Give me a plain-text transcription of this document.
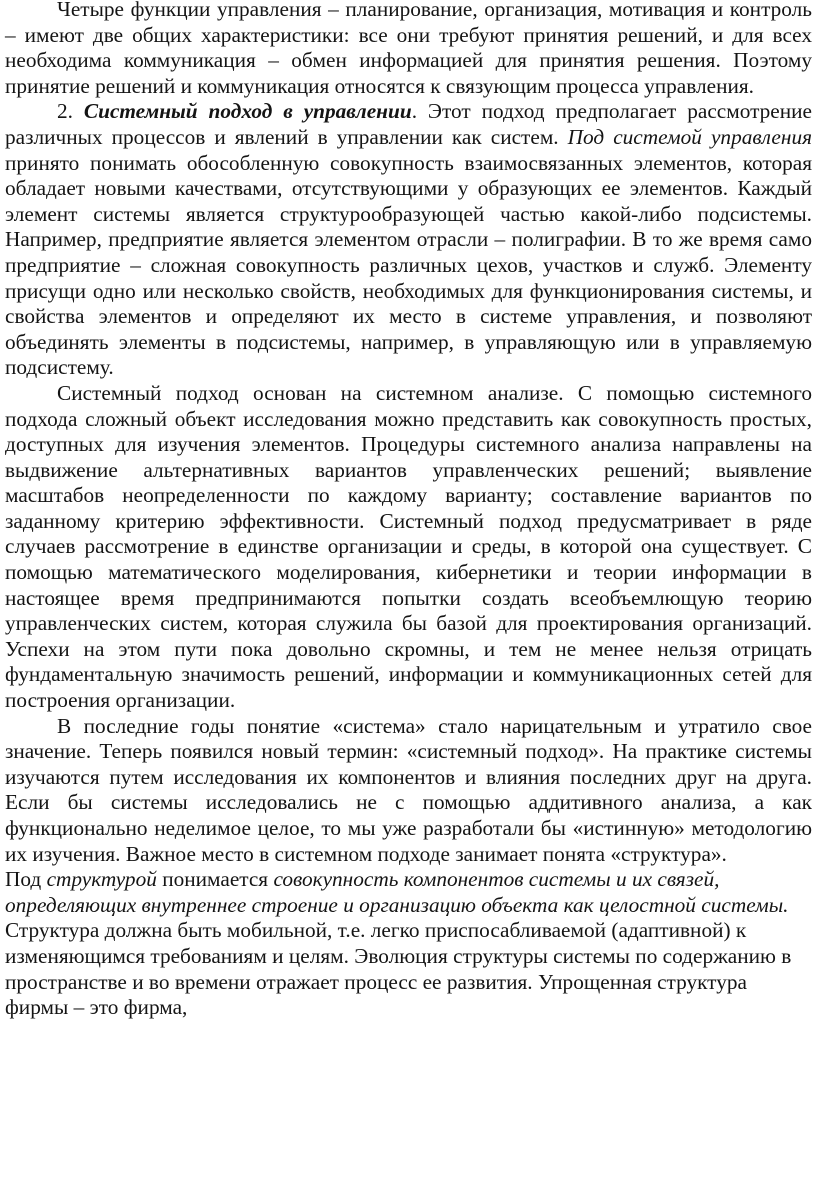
Четыре функции управления – планирование, организация, мотивация и контроль – имеют две общих характеристики: все они требуют принятия решений, и для всех необходима коммуникация – обмен информацией для принятия решения. Поэтому принятие решений и коммуникация относятся к связующим процесса управления.

2. Системный подход в управлении. Этот подход предполагает рассмотрение различных процессов и явлений в управлении как систем. Под системой управления принято понимать обособленную совокупность взаимосвязанных элементов, которая обладает новыми качествами, отсутствующими у образующих ее элементов. Каждый элемент системы является структурообразующей частью какой-либо подсистемы. Например, предприятие является элементом отрасли – полиграфии. В то же время само предприятие – сложная совокупность различных цехов, участков и служб. Элементу присущи одно или несколько свойств, необходимых для функционирования системы, и свойства элементов и определяют их место в системе управления, и позволяют объединять элементы в подсистемы, например, в управляющую или в управляемую подсистему.

Системный подход основан на системном анализе. С помощью системного подхода сложный объект исследования можно представить как совокупность простых, доступных для изучения элементов. Процедуры системного анализа направлены на выдвижение альтернативных вариантов управленческих решений; выявление масштабов неопределенности по каждому варианту; составление вариантов по заданному критерию эффективности. Системный подход предусматривает в ряде случаев рассмотрение в единстве организации и среды, в которой она существует. С помощью математического моделирования, кибернетики и теории информации в настоящее время предпринимаются попытки создать всеобъемлющую теорию управленческих систем, которая служила бы базой для проектирования организаций. Успехи на этом пути пока довольно скромны, и тем не менее нельзя отрицать фундаментальную значимость решений, информации и коммуникационных сетей для построения организации.

В последние годы понятие «система» стало нарицательным и утратило свое значение. Теперь появился новый термин: «системный подход». На практике системы изучаются путем исследования их компонентов и влияния последних друг на друга. Если бы системы исследовались не с помощью аддитивного анализа, а как функционально неделимое целое, то мы уже разработали бы «истинную» методологию их изучения. Важное место в системном подходе занимает понята «структура».

Под структурой понимается совокупность компонентов системы и их связей, определяющих внутреннее строение и организацию объекта как целостной системы. Структура должна быть мобильной, т.е. легко приспосабливаемой (адаптивной) к изменяющимся требованиям и целям. Эволюция структуры системы по содержанию в пространстве и во времени отражает процесс ее развития. Упрощенная структура фирмы – это фирма,
